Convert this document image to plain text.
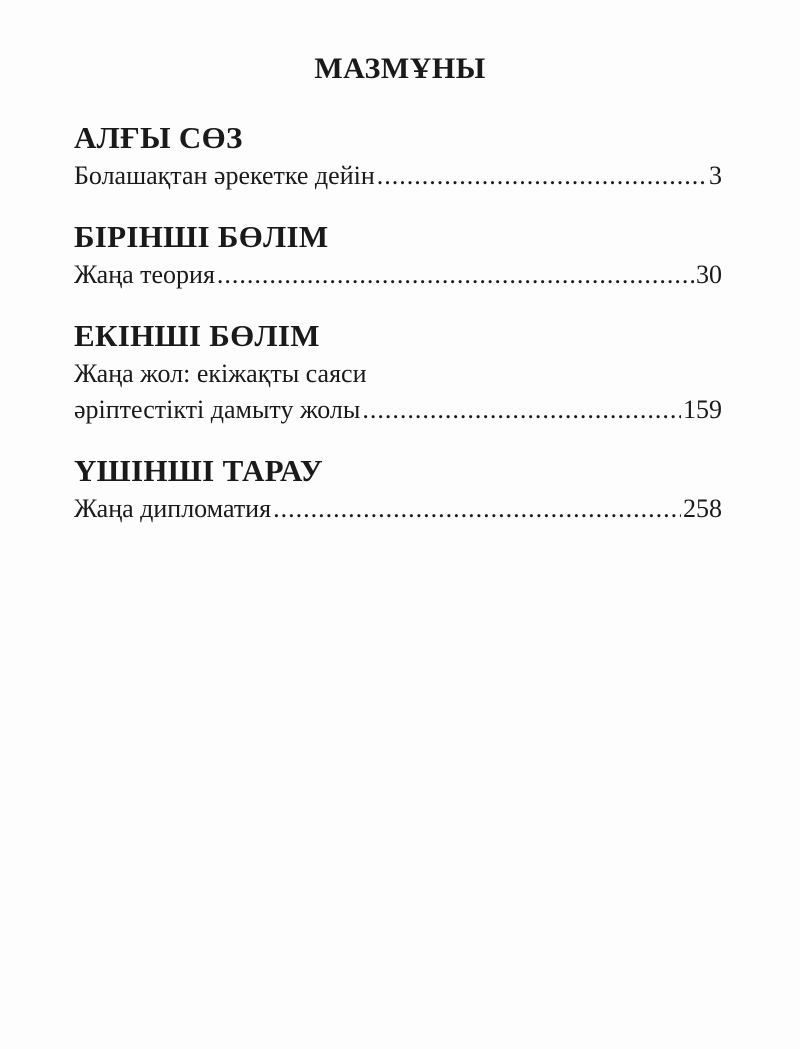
МАЗМҰНЫ
АЛҒЫ СӨЗ
Болашақтан әрекетке дейін .....	3
БІРІНШІ БӨЛІМ
Жаңа теория .....	30
ЕКІНШІ БӨЛІМ
Жаңа жол: екіжақты саяси
әріптестікті дамыту жолы .....	159
ҮШІНШІ ТАРАУ
Жаңа дипломатия .....	258
